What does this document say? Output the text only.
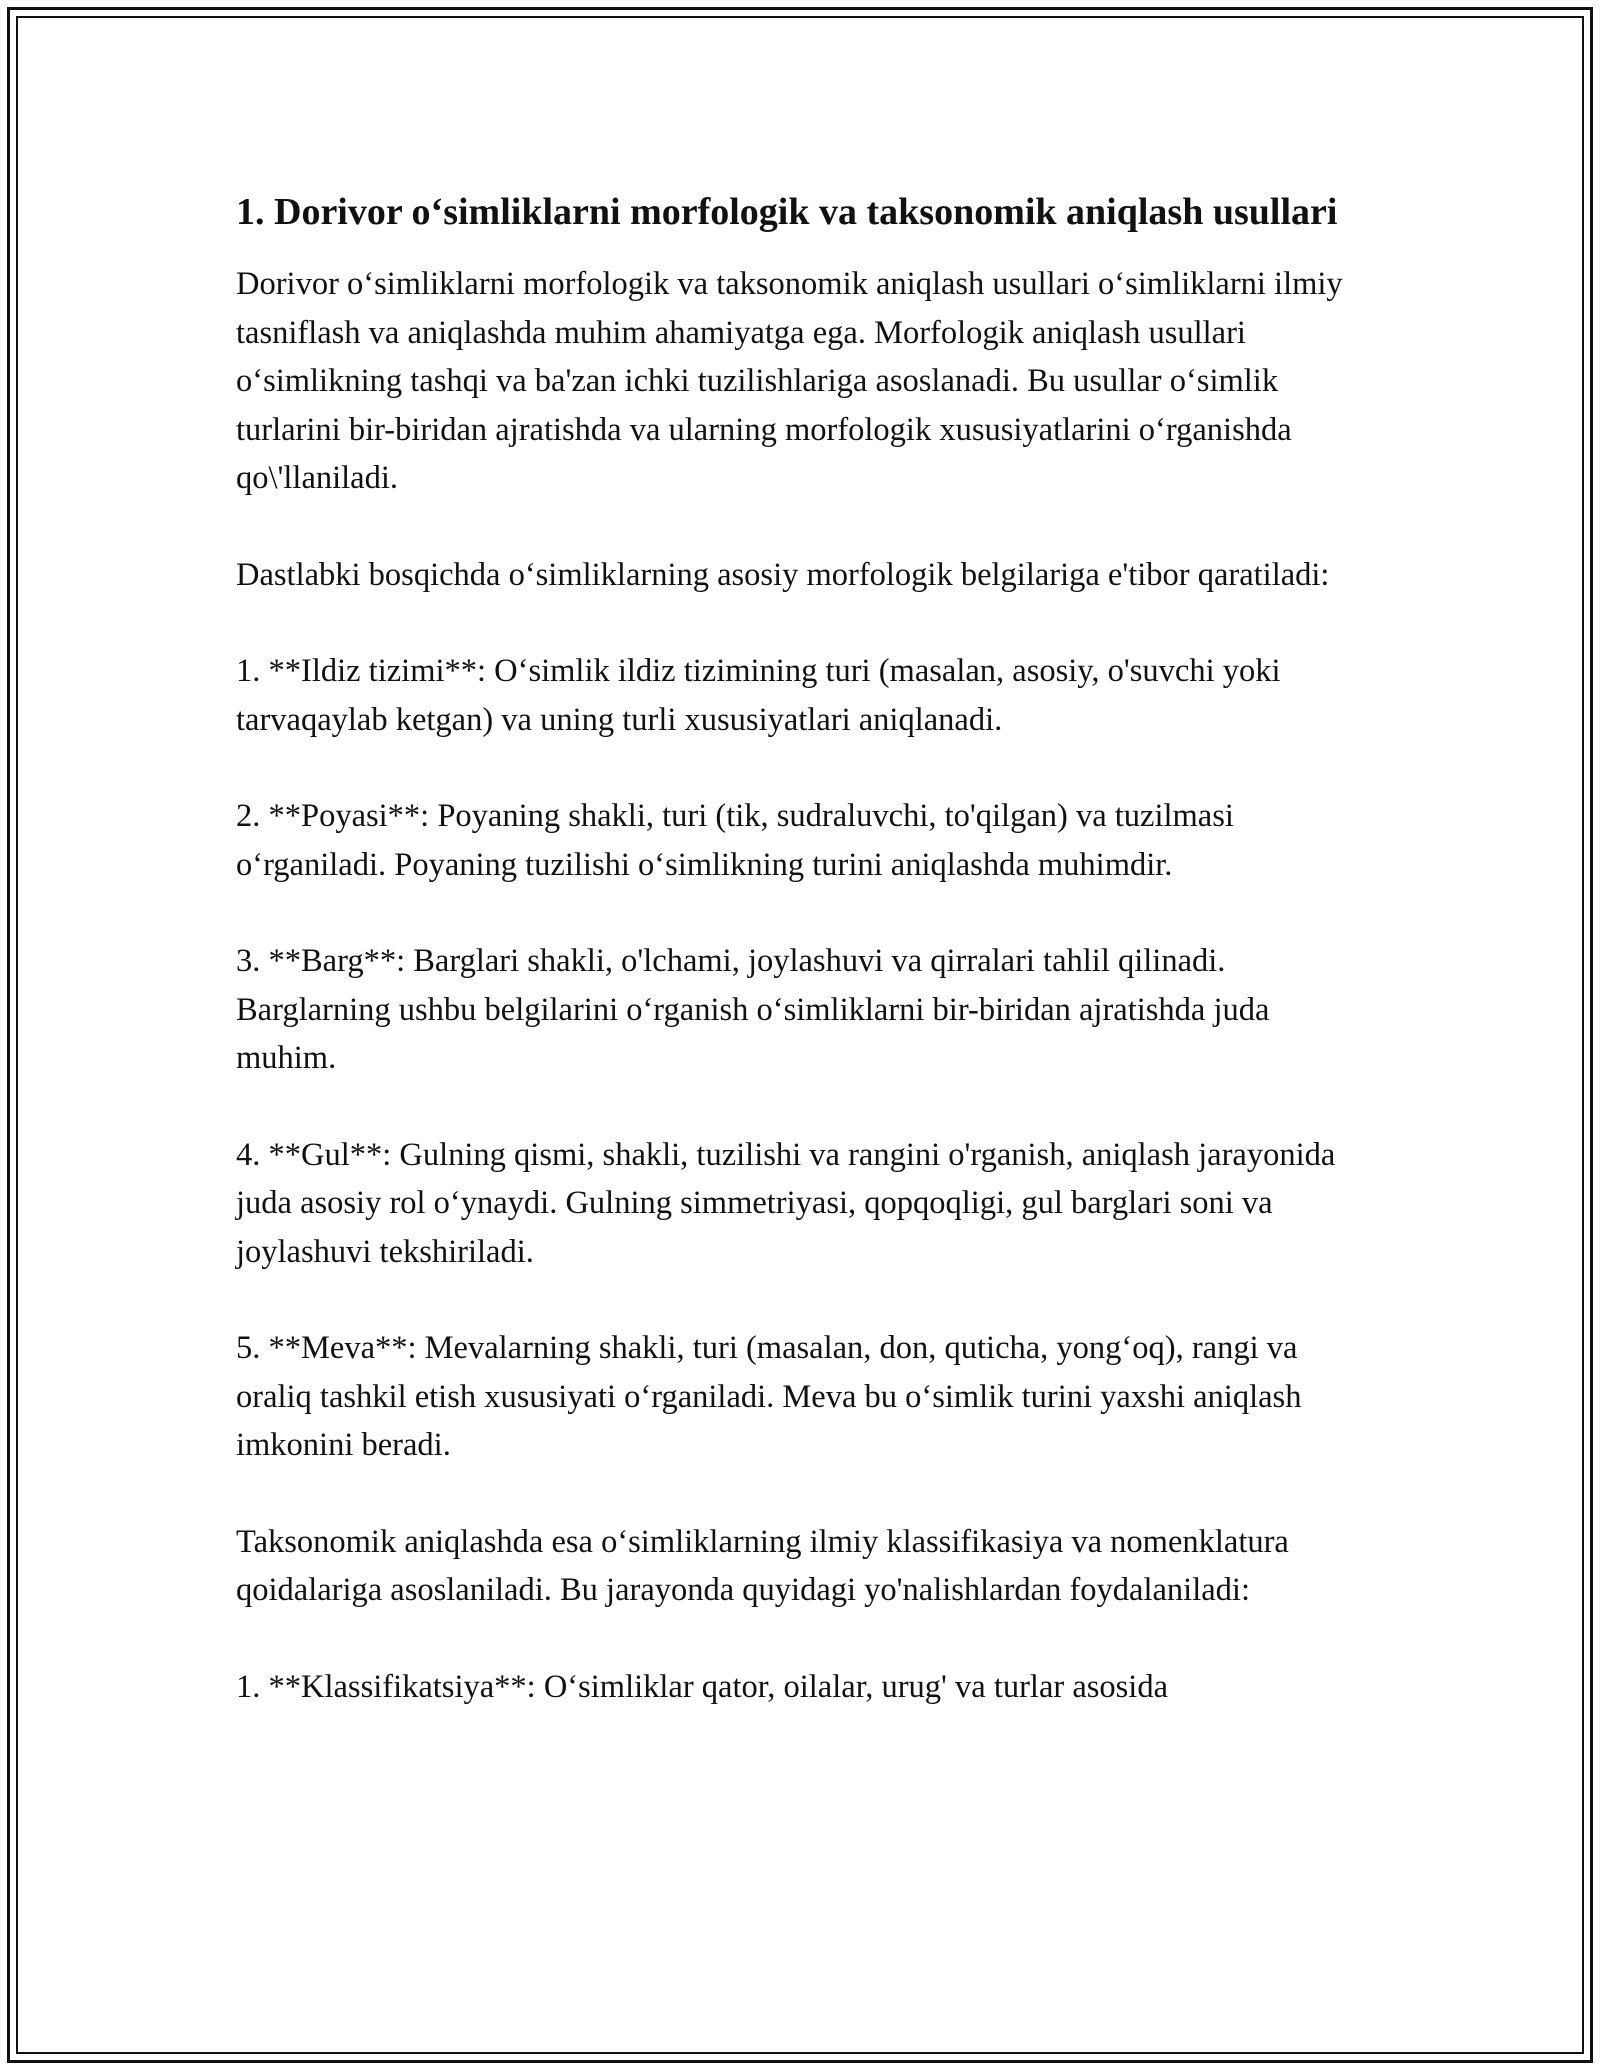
1. Dorivor o‘simliklarni morfologik va taksonomik aniqlash usullari

Dorivor o‘simliklarni morfologik va taksonomik aniqlash usullari o‘simliklarni ilmiy tasniflash va aniqlashda muhim ahamiyatga ega. Morfologik aniqlash usullari o‘simlikning tashqi va ba'zan ichki tuzilishlariga asoslanadi. Bu usullar o‘simlik turlarini bir-biridan ajratishda va ularning morfologik xususiyatlarini o‘rganishda qo\'llaniladi.

Dastlabki bosqichda o‘simliklarning asosiy morfologik belgilariga e'tibor qaratiladi:

1. **Ildiz tizimi**: O‘simlik ildiz tizimining turi (masalan, asosiy, o'suvchi yoki tarvaqaylab ketgan) va uning turli xususiyatlari aniqlanadi.

2. **Poyasi**: Poyaning shakli, turi (tik, sudraluvchi, to'qilgan) va tuzilmasi o‘rganiladi. Poyaning tuzilishi o‘simlikning turini aniqlashda muhimdir.

3. **Barg**: Barglari shakli, o'lchami, joylashuvi va qirralari tahlil qilinadi. Barglarning ushbu belgilarini o‘rganish o‘simliklarni bir-biridan ajratishda juda muhim.

4. **Gul**: Gulning qismi, shakli, tuzilishi va rangini o'rganish, aniqlash jarayonida juda asosiy rol o‘ynaydi. Gulning simmetriyasi, qopqoqligi, gul barglari soni va joylashuvi tekshiriladi.

5. **Meva**: Mevalarning shakli, turi (masalan, don, quticha, yong‘oq), rangi va oraliq tashkil etish xususiyati o‘rganiladi. Meva bu o‘simlik turini yaxshi aniqlash imkonini beradi.

Taksonomik aniqlashda esa o‘simliklarning ilmiy klassifikasiya va nomenklatura qoidalariga asoslaniladi. Bu jarayonda quyidagi yo'nalishlardan foydalaniladi:

1. **Klassifikatsiya**: O‘simliklar qator, oilalar, urug' va turlar asosida
